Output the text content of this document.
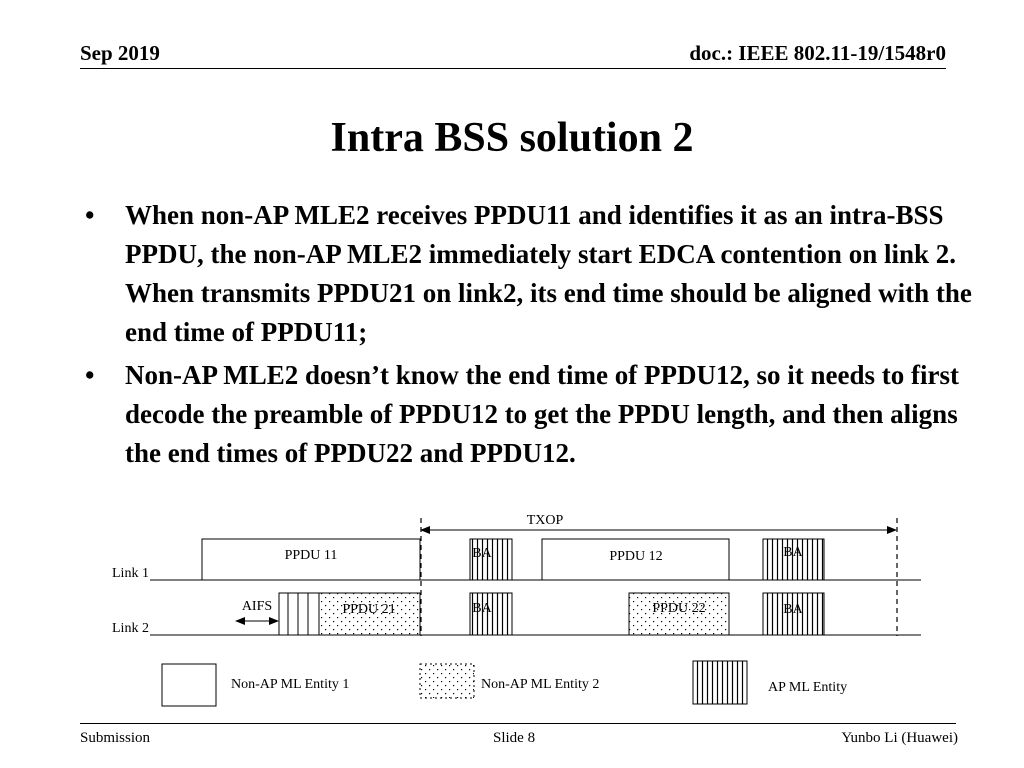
Sep 2019	doc.: IEEE 802.11-19/1548r0
Intra BSS solution 2
• When non-AP MLE2 receives PPDU11 and identifies it as an intra-BSS PPDU, the non-AP MLE2 immediately start EDCA contention on link 2. When transmits PPDU21 on link2, its end time should be aligned with the end time of PPDU11;
• Non-AP MLE2 doesn’t know the end time of PPDU12, so it needs to first decode the preamble of PPDU12 to get the PPDU length, and then aligns the end times of PPDU22 and PPDU12.
TXOP
Link 1
PPDU 11	BA	PPDU 12	BA
Link 2
AIFS	PPDU 21	BA	PPDU 22	BA
Non-AP ML Entity 1	Non-AP ML Entity 2	AP ML Entity
Submission	Slide 8	Yunbo Li (Huawei)
